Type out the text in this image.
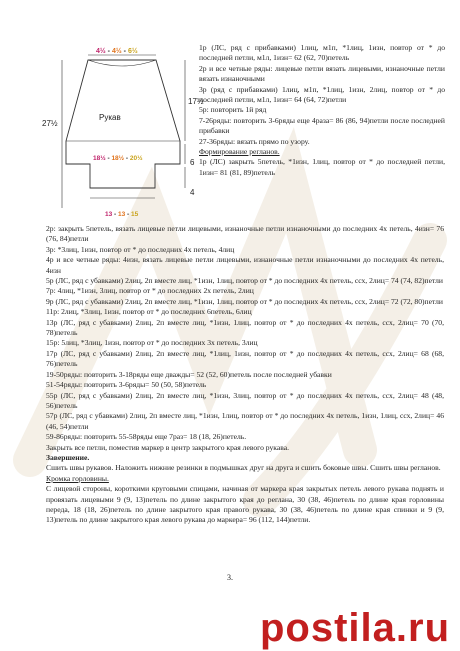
4½ - 4½ - 6½
Рукав
27½
17½
6
4
18½ - 18½ - 20½
13 - 13 - 15

1р (ЛС, ряд с прибавками) 1лиц, м1п, *1лиц, 1изн, повтор от * до последней петли, м1л, 1изн= 62 (62, 70)петель

2р и все четные ряды: лицевые петли вязать лицевыми, изнаночные петли вязать изнаночными

3р (ряд с прибавками) 1лиц, м1п, *1лиц, 1изн, 2лиц, повтор от * до последней петли, м1л, 1изн= 64 (64, 72)петли

5р: повторить 1й ряд

7-26ряды: повторить 3-6ряды еще 4раза= 86 (86, 94)петли после последней прибавки

27-36ряды: вязать прямо по узору.

Формирование регланов.

1р (ЛС) закрыть 5петель, *1изн, 1лиц, повтор от * до последней петли, 1изн= 81 (81, 89)петель

2р: закрыть 5петель, вязать лицевые петли лицевыми, изнаночные петли изнаночными до последних 4х петель, 4изн= 76 (76, 84)петли

3р: *3лиц, 1изн, повтор от * до последних 4х петель, 4лиц

4р и все четные ряды: 4изн, вязать лицевые петли лицевыми, изнаночные петли изнаночными до последних 4х петель, 4изн

5р (ЛС, ряд с убавками) 2лиц, 2п вместе лиц, *1изн, 1лиц, повтор от * до последних 4х петель, ссх, 2лиц= 74 (74, 82)петли

7р: 4лиц, *1изн, 3лиц, повтор от * до последних 2х петель, 2лиц

9р (ЛС, ряд с убавками) 2лиц, 2п вместе лиц, *1изн, 1лиц, повтор от * до последних 4х петель, ссх, 2лиц= 72 (72, 80)петли

11р: 2лиц, *3лиц, 1изн, повтор от * до последних 6петель, 6лиц

13р (ЛС, ряд с убавками) 2лиц, 2п вместе лиц, *1изн, 1лиц, повтор от * до последних 4х петель, ссх, 2лиц= 70 (70, 78)петель

15р: 5лиц, *3лиц, 1изн, повтор от * до последних 3х петель, 3лиц

17р (ЛС, ряд с убавками) 2лиц, 2п вместе лиц, *1лиц, 1изн, повтор от * до последних 4х петель, ссх, 2лиц= 68 (68, 76)петель

19-50ряды: повторить 3-18ряды еще дважды= 52 (52, 60)петель после последней убавки

51-54ряды: повторить 3-6ряды= 50 (50, 58)петель

55р (ЛС, ряд с убавками) 2лиц, 2п вместе лиц, *1изн, 3лиц, повтор от * до последних 4х петель, ссх, 2лиц= 48 (48, 56)петель

57р (ЛС, ряд с убавками) 2лиц, 2п вместе лиц, *1изн, 1лиц, повтор от * до последних 4х петель, 1изн, 1лиц, ссх, 2лиц= 46 (46, 54)петли

59-86ряды: повторить 55-58ряды еще 7раз= 18 (18, 26)петель.

Закрыть все петли, поместив маркер в центр закрытого края левого рукава.

Завершение.

Сшить швы рукавов. Наложить нижние резинки в подмышках друг на друга и сшить боковые швы. Сшить швы регланов.

Кромка горловины.

С лицевой стороны, короткими круговыми спицами, начиная от маркера края закрытых петель левого рукава поднять и провязать лицевыми 9 (9, 13)петель по длине закрытого края до реглана, 30 (38, 46)петель по длине края горловины переда, 18 (18, 26)петель по длине закрытого края правого рукава, 30 (38, 46)петель по длине края спинки и 9 (9, 13)петель по длине закрытого края левого рукава до маркера= 96 (112, 144)петли.

3.
postila.ru
